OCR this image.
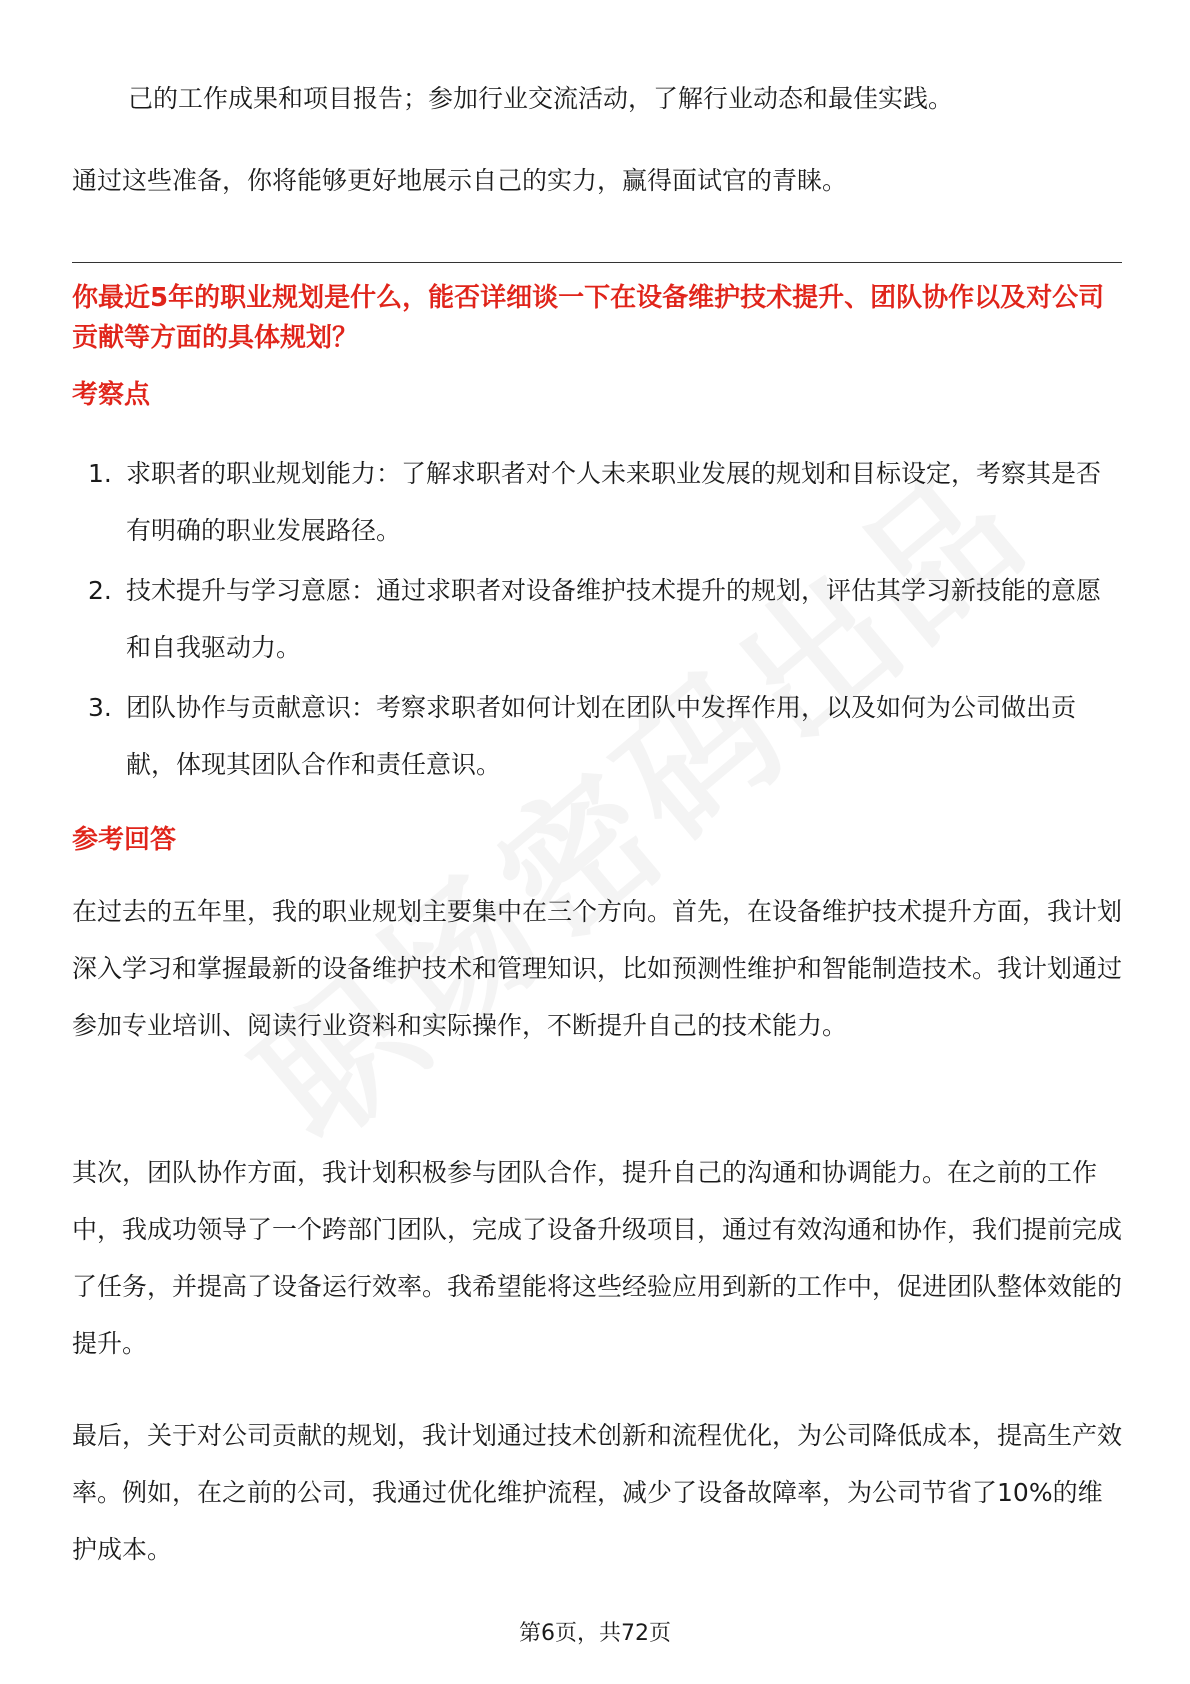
己的工作成果和项目报告；参加行业交流活动，了解行业动态和最佳实践。

通过这些准备，你将能够更好地展示自己的实力，赢得面试官的青睐。

你最近5年的职业规划是什么，能否详细谈一下在设备维护技术提升、团队协作以及对公司贡献等方面的具体规划？
考察点
1. 求职者的职业规划能力：了解求职者对个人未来职业发展的规划和目标设定，考察其是否有明确的职业发展路径。
2. 技术提升与学习意愿：通过求职者对设备维护技术提升的规划，评估其学习新技能的意愿和自我驱动力。
3. 团队协作与贡献意识：考察求职者如何计划在团队中发挥作用，以及如何为公司做出贡献，体现其团队合作和责任意识。
参考回答

在过去的五年里，我的职业规划主要集中在三个方向。首先，在设备维护技术提升方面，我计划深入学习和掌握最新的设备维护技术和管理知识，比如预测性维护和智能制造技术。我计划通过参加专业培训、阅读行业资料和实际操作，不断提升自己的技术能力。

其次，团队协作方面，我计划积极参与团队合作，提升自己的沟通和协调能力。在之前的工作中，我成功领导了一个跨部门团队，完成了设备升级项目，通过有效沟通和协作，我们提前完成了任务，并提高了设备运行效率。我希望能将这些经验应用到新的工作中，促进团队整体效能的提升。

最后，关于对公司贡献的规划，我计划通过技术创新和流程优化，为公司降低成本，提高生产效率。例如，在之前的公司，我通过优化维护流程，减少了设备故障率，为公司节省了10%的维护成本。

第6页，共72页
